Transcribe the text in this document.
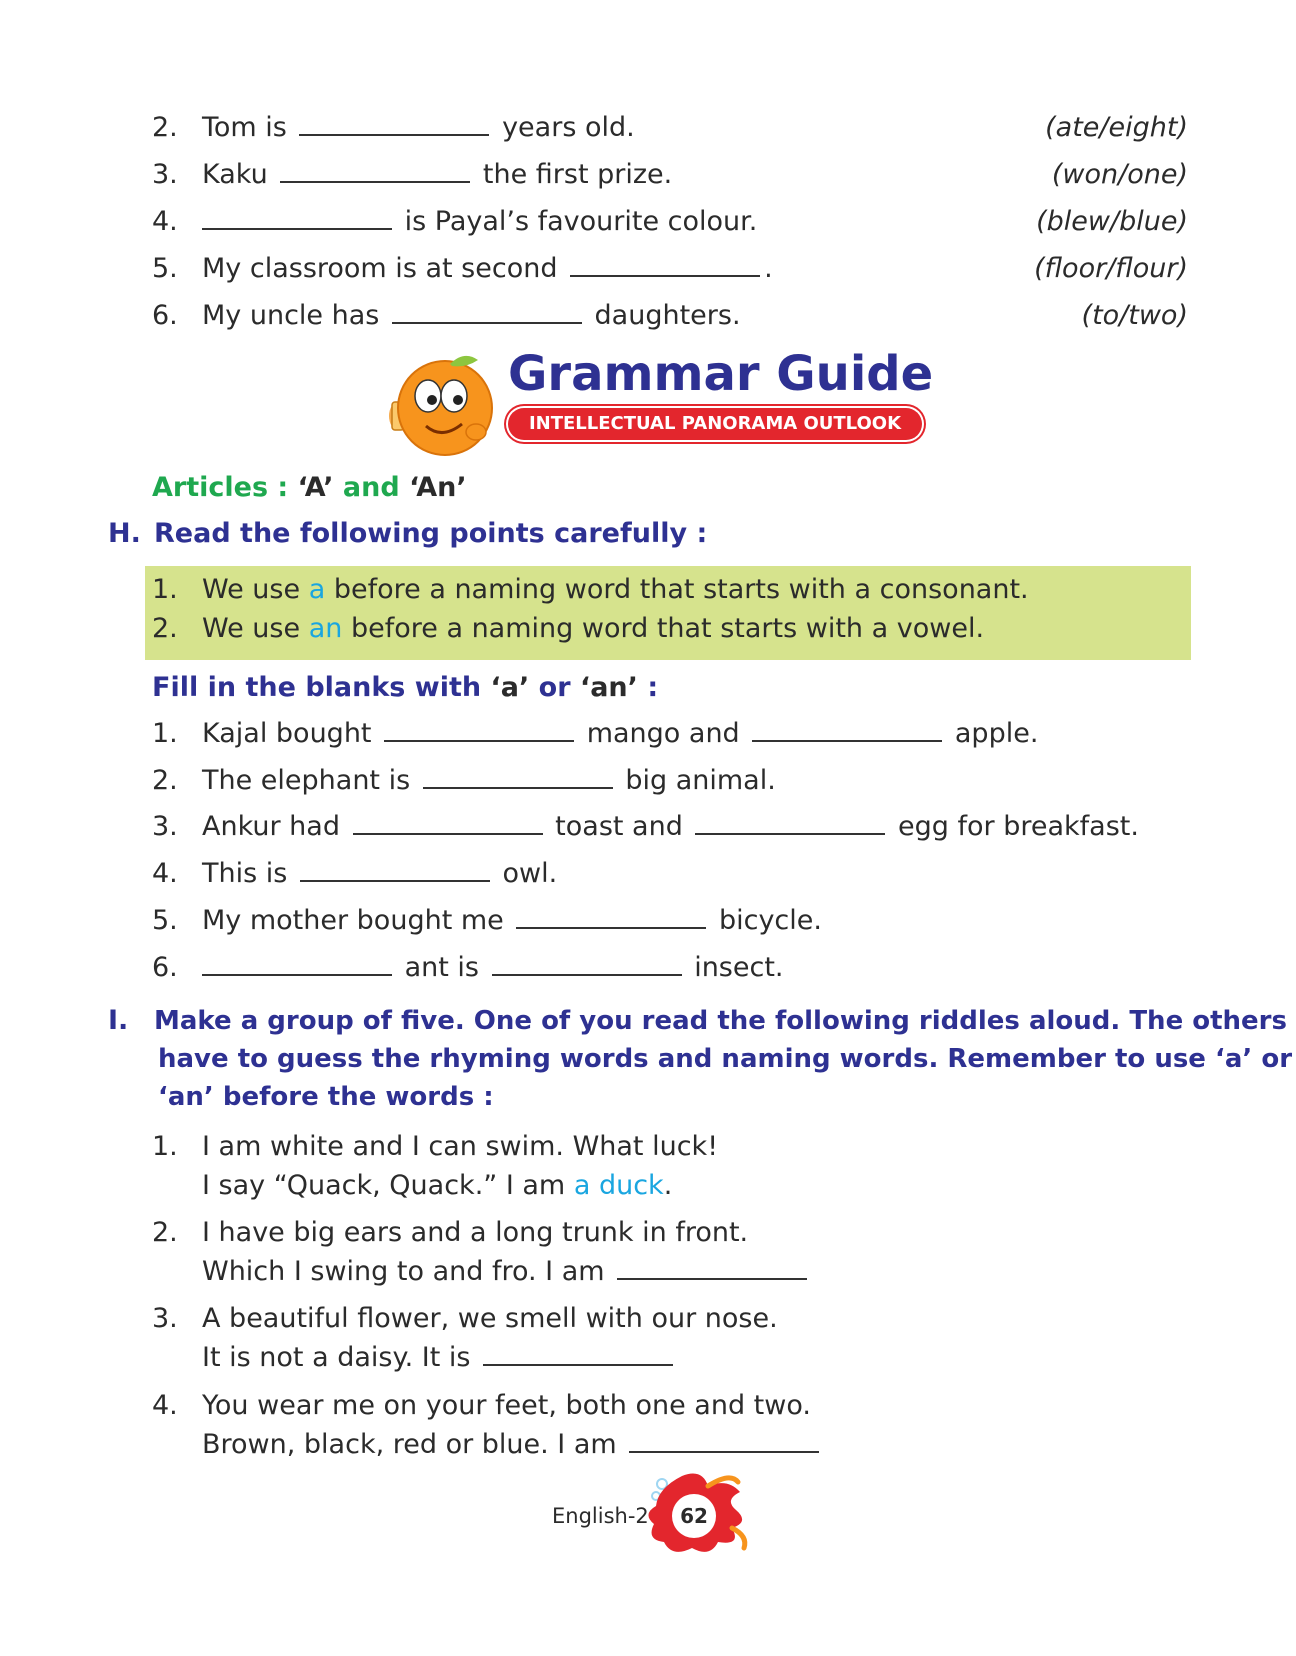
2. Tom is	years old.	(ate/eight)
3. Kaku	the first prize.	(won/one)
4.	is Payal’s favourite colour.	(blew/blue)
5. My classroom is at second	.	(floor/flour)
6. My uncle has	daughters.	(to/two)
Grammar Guide
INTELLECTUAL PANORAMA OUTLOOK
Articles : ‘A’ and ‘An’
H. Read the following points carefully :
1. We use a before a naming word that starts with a consonant.
2. We use an before a naming word that starts with a vowel.
Fill in the blanks with ‘a’ or ‘an’ :
1. Kajal bought	mango and	apple.
2. The elephant is	big animal.
3. Ankur had	toast and	egg for breakfast.
4. This is	owl.
5. My mother bought me	bicycle.
6.	ant is	insect.
I. Make a group of five. One of you read the following riddles aloud. The others
have to guess the rhyming words and naming words. Remember to use ‘a’ or
‘an’ before the words :
1. I am white and I can swim. What luck!
I say “Quack, Quack.” I am a duck.
2. I have big ears and a long trunk in front.
Which I swing to and fro. I am
3. A beautiful flower, we smell with our nose.
It is not a daisy. It is
4. You wear me on your feet, both one and two.
Brown, black, red or blue. I am
English-2	62
